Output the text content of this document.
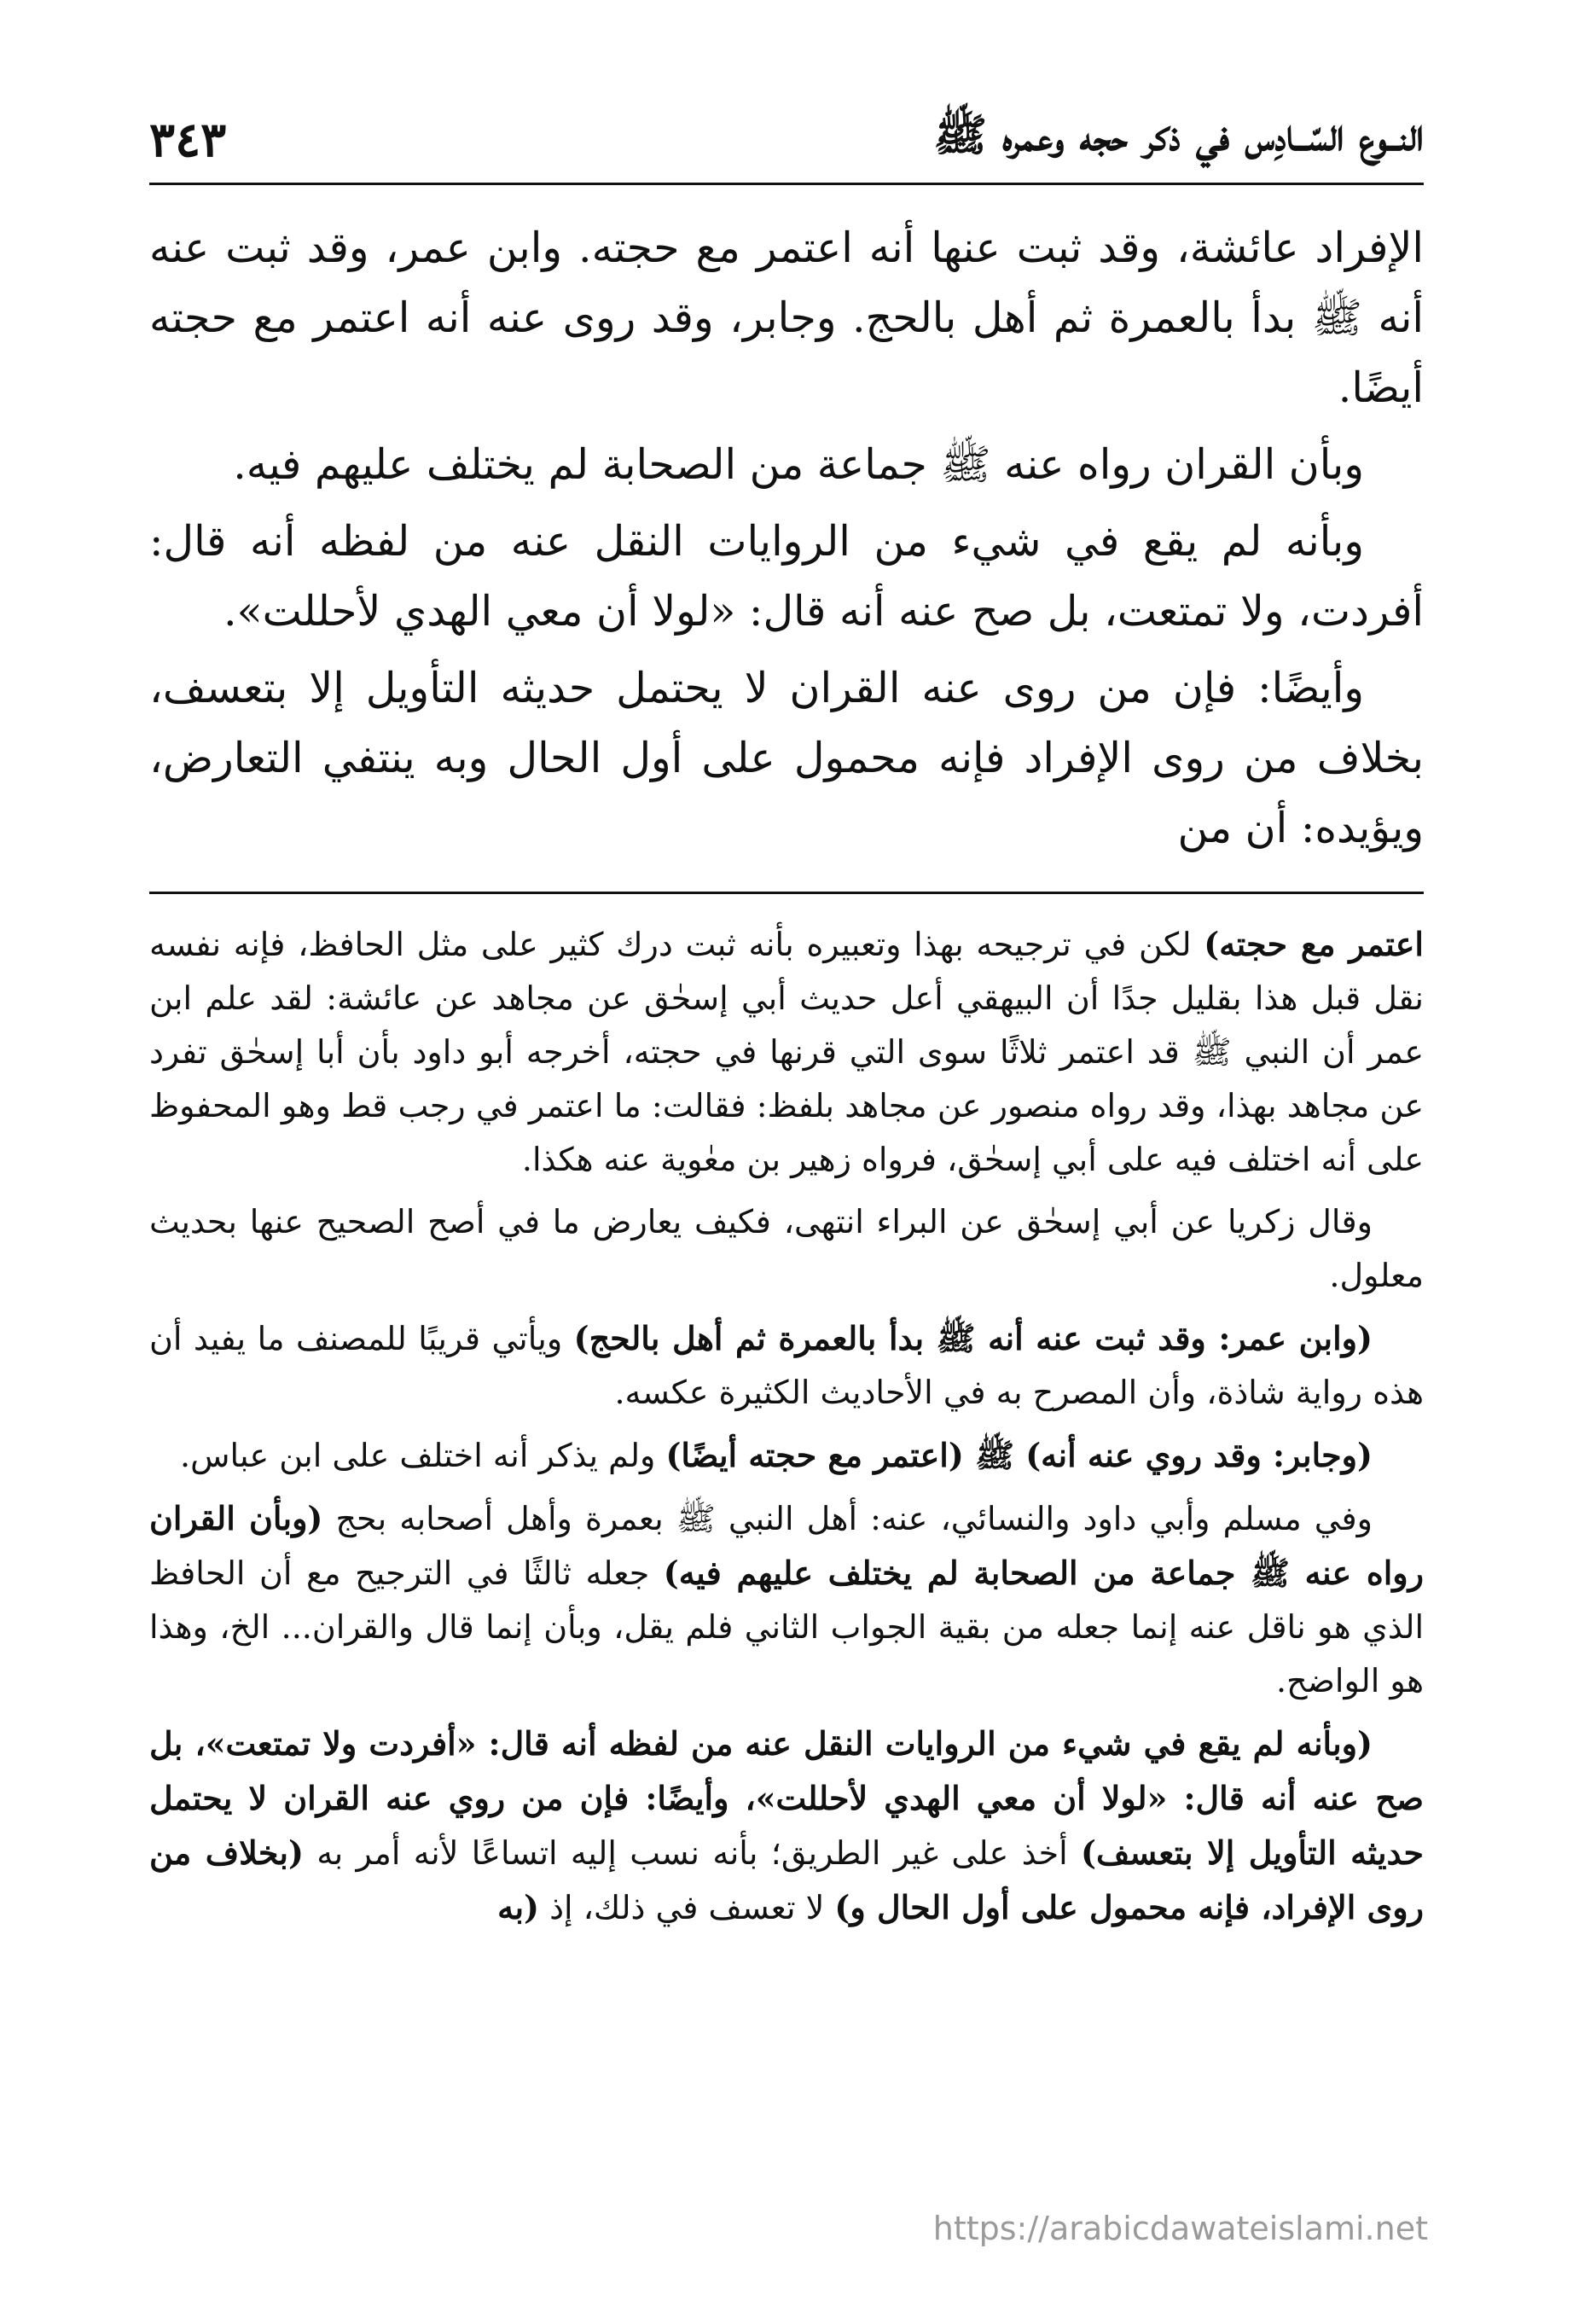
النــوع السّــادِس في ذكر حجه وعمره ﷺ
٣٤٣

الإفراد عائشة، وقد ثبت عنها أنه اعتمر مع حجته. وابن عمر، وقد ثبت عنه أنه ﷺ بدأ بالعمرة ثم أهل بالحج. وجابر، وقد روى عنه أنه اعتمر مع حجته أيضًا.

وبأن القران رواه عنه ﷺ جماعة من الصحابة لم يختلف عليهم فيه.

وبأنه لم يقع في شيء من الروايات النقل عنه من لفظه أنه قال: أفردت، ولا تمتعت، بل صح عنه أنه قال: «لولا أن معي الهدي لأحللت».

وأيضًا: فإن من روى عنه القران لا يحتمل حديثه التأويل إلا بتعسف، بخلاف من روى الإفراد فإنه محمول على أول الحال وبه ينتفي التعارض، ويؤيده: أن من

اعتمر مع حجته) لكن في ترجيحه بهذا وتعبيره بأنه ثبت درك كثير على مثل الحافظ، فإنه نفسه نقل قبل هذا بقليل جدًا أن البيهقي أعل حديث أبي إسحٰق عن مجاهد عن عائشة: لقد علم ابن عمر أن النبي ﷺ قد اعتمر ثلاثًا سوى التي قرنها في حجته، أخرجه أبو داود بأن أبا إسحٰق تفرد عن مجاهد بهذا، وقد رواه منصور عن مجاهد بلفظ: فقالت: ما اعتمر في رجب قط وهو المحفوظ على أنه اختلف فيه على أبي إسحٰق، فرواه زهير بن معٰوية عنه هكذا.

وقال زكريا عن أبي إسحٰق عن البراء انتهى، فكيف يعارض ما في أصح الصحيح عنها بحديث معلول.

(وابن عمر: وقد ثبت عنه أنه ﷺ بدأ بالعمرة ثم أهل بالحج) ويأتي قريبًا للمصنف ما يفيد أن هذه رواية شاذة، وأن المصرح به في الأحاديث الكثيرة عكسه.

(وجابر: وقد روي عنه أنه) ﷺ (اعتمر مع حجته أيضًا) ولم يذكر أنه اختلف على ابن عباس.

وفي مسلم وأبي داود والنسائي، عنه: أهل النبي ﷺ بعمرة وأهل أصحابه بحج (وبأن القران رواه عنه ﷺ جماعة من الصحابة لم يختلف عليهم فيه) جعله ثالثًا في الترجيح مع أن الحافظ الذي هو ناقل عنه إنما جعله من بقية الجواب الثاني فلم يقل، وبأن إنما قال والقران... الخ، وهذا هو الواضح.

(وبأنه لم يقع في شيء من الروايات النقل عنه من لفظه أنه قال: «أفردت ولا تمتعت»، بل صح عنه أنه قال: «لولا أن معي الهدي لأحللت»، وأيضًا: فإن من روي عنه القران لا يحتمل حديثه التأويل إلا بتعسف) أخذ على غير الطريق؛ بأنه نسب إليه اتساعًا لأنه أمر به (بخلاف من روى الإفراد، فإنه محمول على أول الحال و) لا تعسف في ذلك، إذ (به

https://arabicdawateislami.net
